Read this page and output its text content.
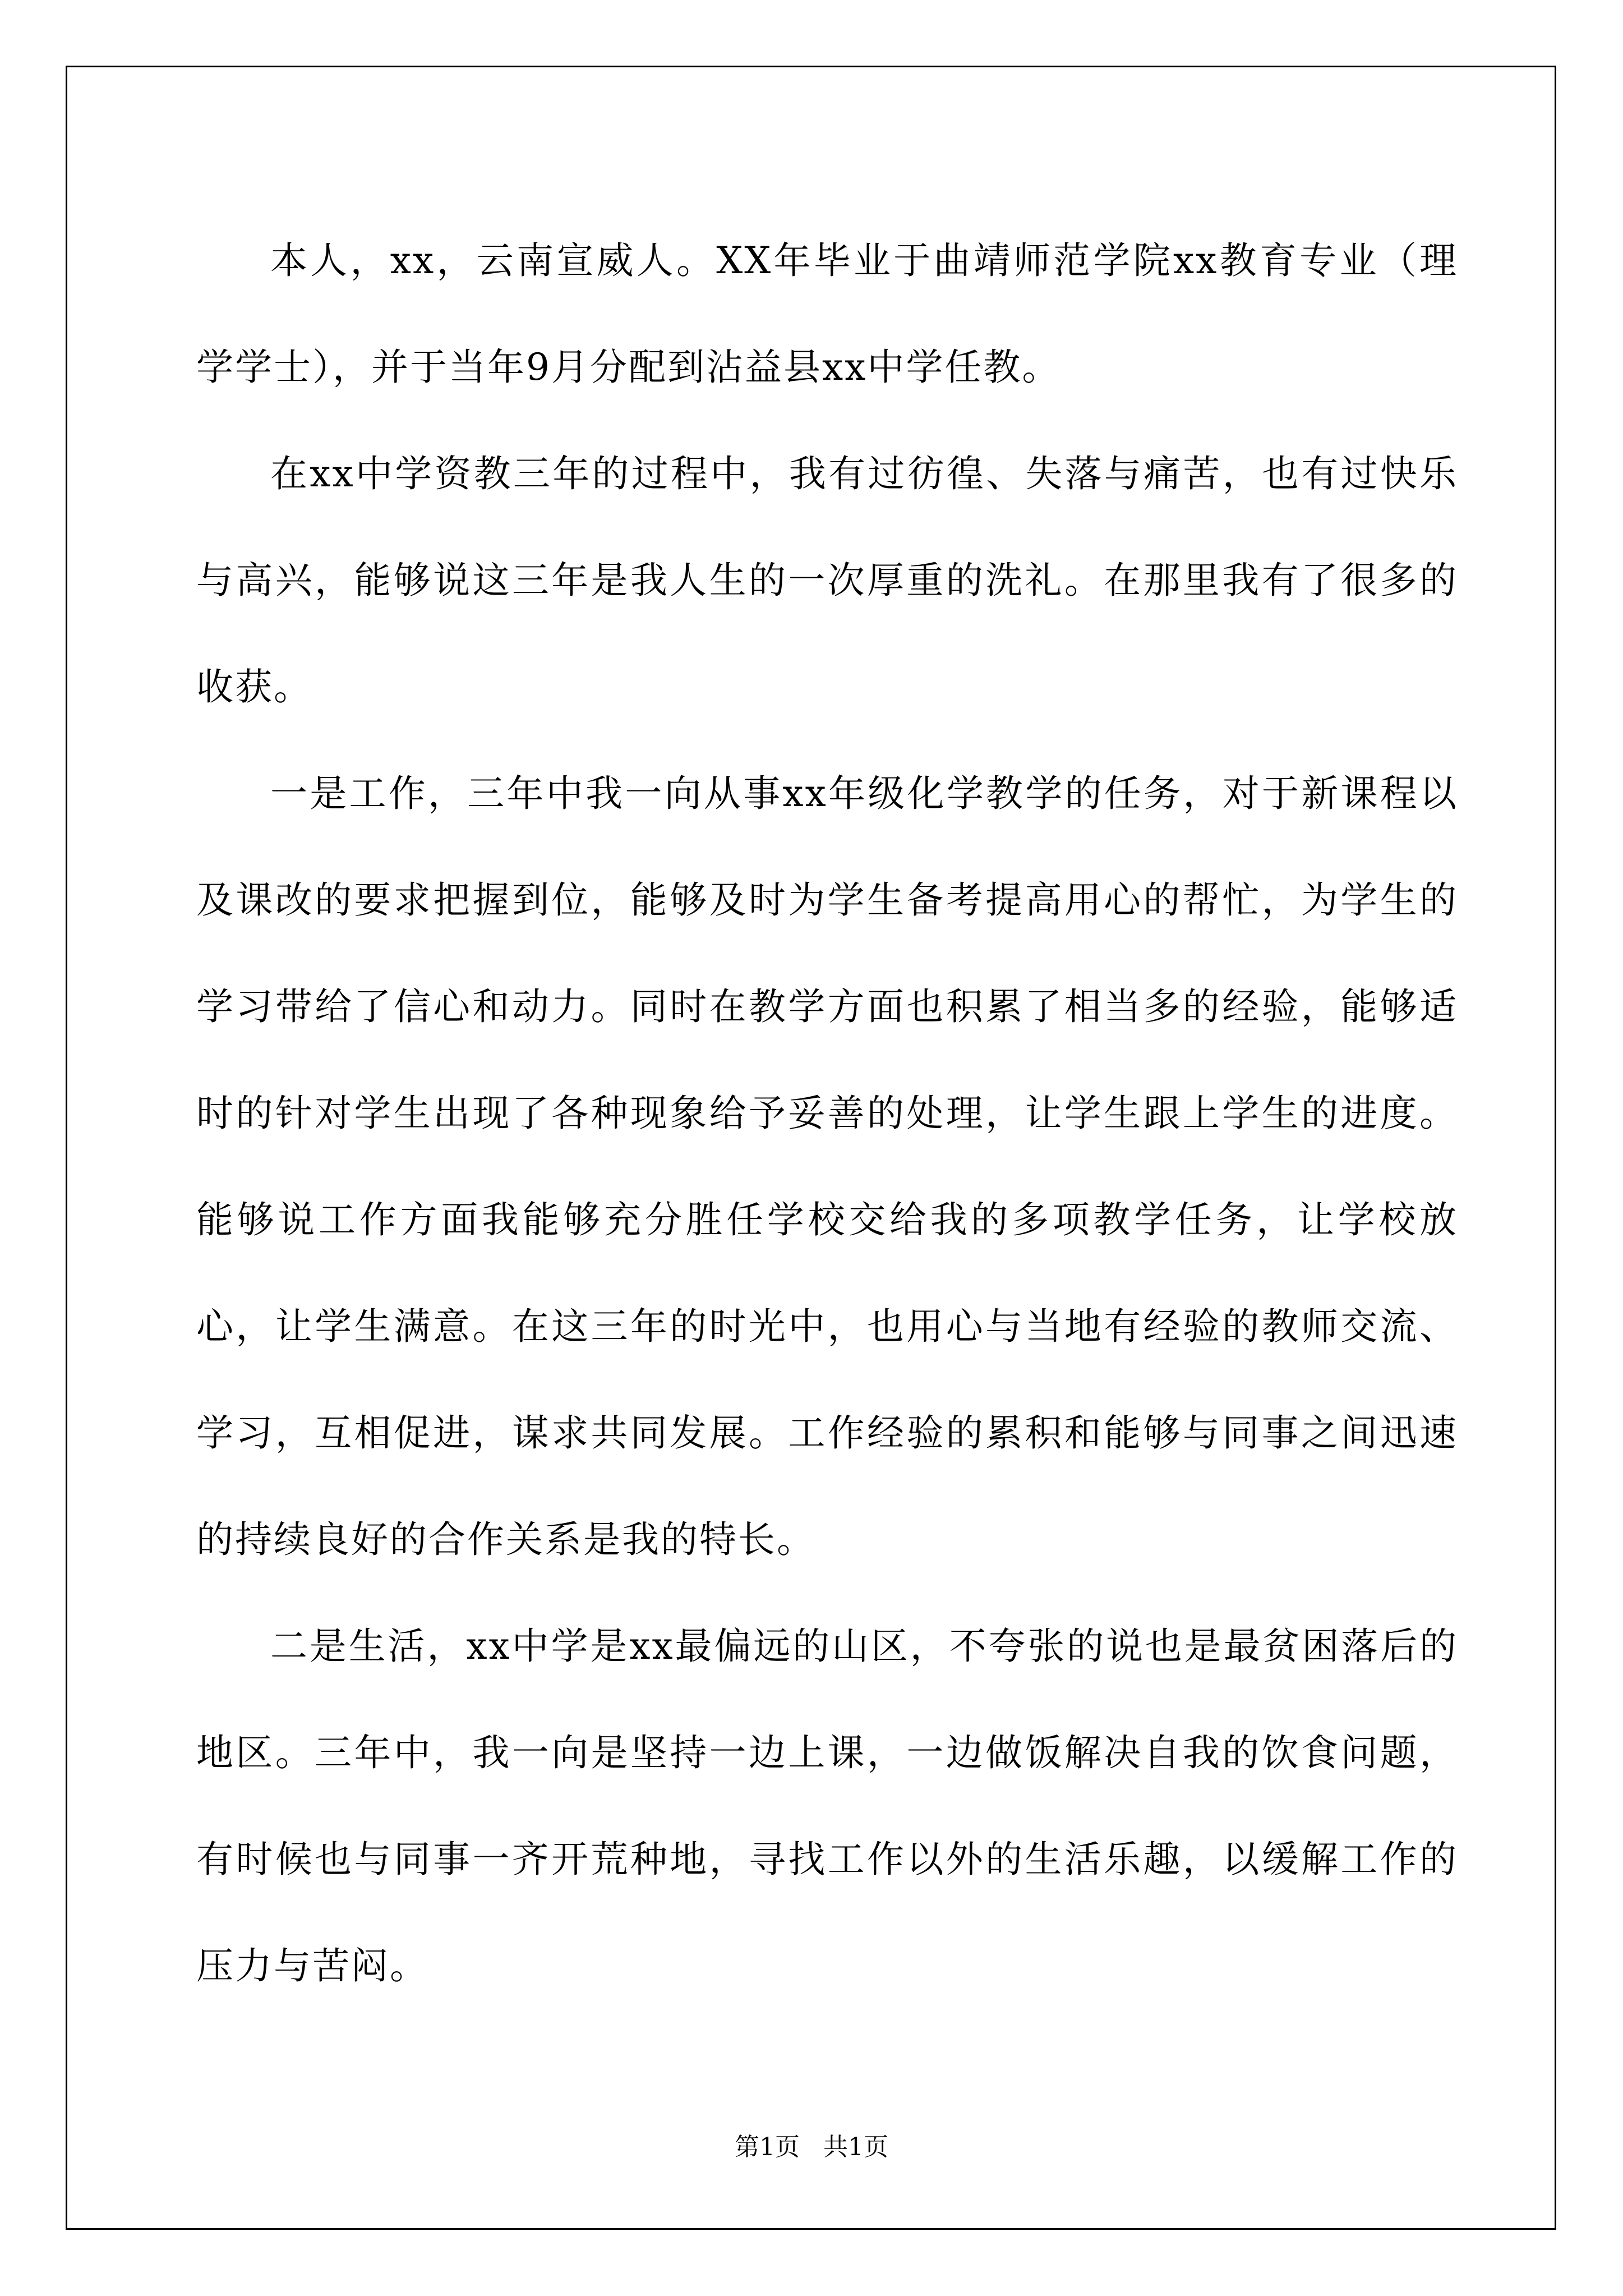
本人，xx，云南宣威人。XX年毕业于曲靖师范学院xx教育专业（理学学士），并于当年9月分配到沾益县xx中学任教。

在xx中学资教三年的过程中，我有过彷徨、失落与痛苦，也有过快乐与高兴，能够说这三年是我人生的一次厚重的洗礼。在那里我有了很多的收获。

一是工作，三年中我一向从事xx年级化学教学的任务，对于新课程以及课改的要求把握到位，能够及时为学生备考提高用心的帮忙，为学生的学习带给了信心和动力。同时在教学方面也积累了相当多的经验，能够适时的针对学生出现了各种现象给予妥善的处理，让学生跟上学生的进度。能够说工作方面我能够充分胜任学校交给我的多项教学任务，让学校放心，让学生满意。在这三年的时光中，也用心与当地有经验的教师交流、学习，互相促进，谋求共同发展。工作经验的累积和能够与同事之间迅速的持续良好的合作关系是我的特长。

二是生活，xx中学是xx最偏远的山区，不夸张的说也是最贫困落后的地区。三年中，我一向是坚持一边上课，一边做饭解决自我的饮食问题，有时候也与同事一齐开荒种地，寻找工作以外的生活乐趣，以缓解工作的压力与苦闷。

第1页 共1页
